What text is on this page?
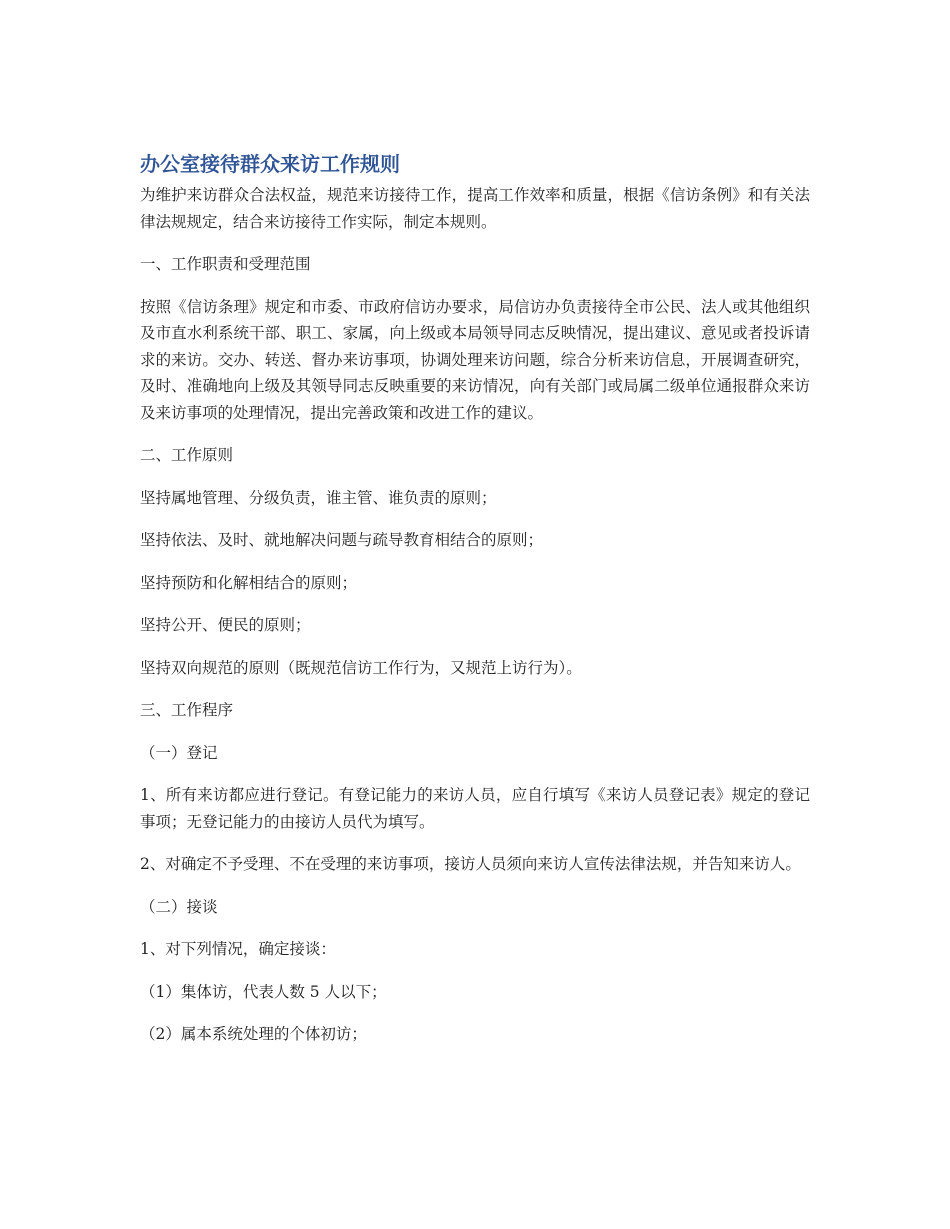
办公室接待群众来访工作规则

为维护来访群众合法权益，规范来访接待工作，提高工作效率和质量，根据《信访条例》和有关法律法规规定，结合来访接待工作实际，制定本规则。

一、工作职责和受理范围

按照《信访条理》规定和市委、市政府信访办要求，局信访办负责接待全市公民、法人或其他组织及市直水利系统干部、职工、家属，向上级或本局领导同志反映情况，提出建议、意见或者投诉请求的来访。交办、转送、督办来访事项，协调处理来访问题，综合分析来访信息，开展调查研究，及时、准确地向上级及其领导同志反映重要的来访情况，向有关部门或局属二级单位通报群众来访及来访事项的处理情况，提出完善政策和改进工作的建议。

二、工作原则

坚持属地管理、分级负责，谁主管、谁负责的原则；

坚持依法、及时、就地解决问题与疏导教育相结合的原则；

坚持预防和化解相结合的原则；

坚持公开、便民的原则；

坚持双向规范的原则（既规范信访工作行为，又规范上访行为）。

三、工作程序

（一）登记

1、所有来访都应进行登记。有登记能力的来访人员，应自行填写《来访人员登记表》规定的登记事项；无登记能力的由接访人员代为填写。

2、对确定不予受理、不在受理的来访事项，接访人员须向来访人宣传法律法规，并告知来访人。

（二）接谈

1、对下列情况，确定接谈：

（1）集体访，代表人数 5 人以下；

（2）属本系统处理的个体初访；
